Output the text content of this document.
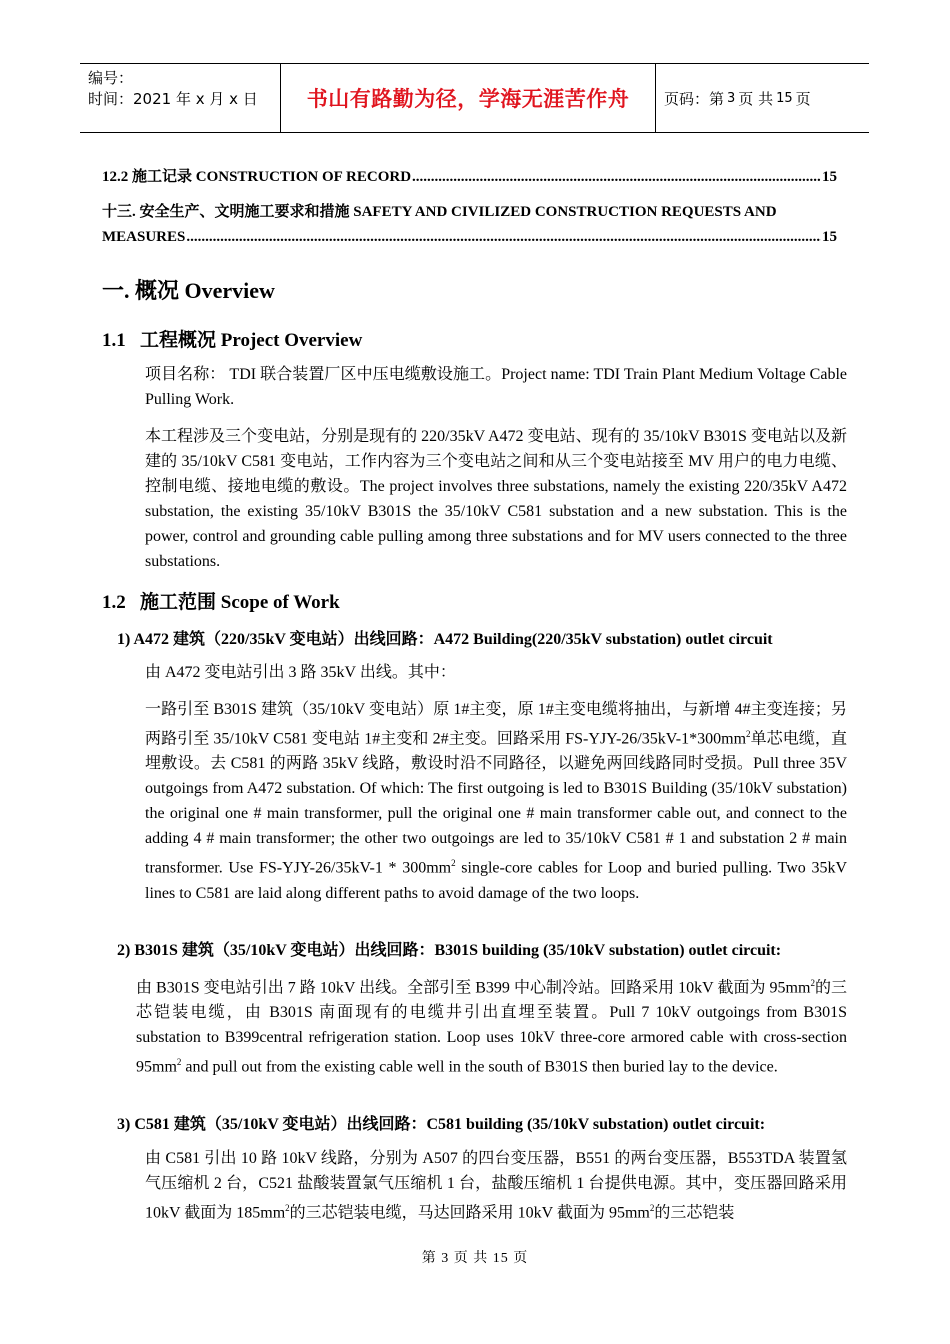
编号：
时间：2021 年 x 月 x 日	书山有路勤为径，学海无涯苦作舟 页码：第 3 页 共 15 页
12.2 施工记录 CONSTRUCTION OF RECORD .....	15
十三. 安全生产、文明施工要求和措施 SAFETY AND CIVILIZED CONSTRUCTION REQUESTS AND
MEASURES .....	15
一. 概况 Overview
1.1 工程概况 Project Overview
项目名称： TDI 联合装置厂区中压电缆敷设施工。Project name: TDI Train Plant Medium Voltage Cable Pulling Work.
本工程涉及三个变电站，分别是现有的 220/35kV A472 变电站、现有的 35/10kV B301S 变电站以及新建的 35/10kV C581 变电站，工作内容为三个变电站之间和从三个变电站接至 MV 用户的电力电缆、控制电缆、接地电缆的敷设。The project involves three substations, namely the existing 220/35kV A472 substation, the existing 35/10kV B301S the 35/10kV C581 substation and a new substation. This is the power, control and grounding cable pulling among three substations and for MV users connected to the three substations.
1.2 施工范围 Scope of Work
1) A472 建筑（220/35kV 变电站）出线回路：A472 Building(220/35kV substation) outlet circuit
由 A472 变电站引出 3 路 35kV 出线。其中：
一路引至 B301S 建筑（35/10kV 变电站）原 1#主变，原 1#主变电缆将抽出，与新增 4#主变连接；另两路引至 35/10kV C581 变电站 1#主变和 2#主变。回路采用 $FS-YJY-26/35kV-1*300mm^2$单芯电缆，直埋敷设。去 C581 的两路 35kV 线路，敷设时沿不同路径，以避免两回线路同时受损。Pull three 35V outgoings from A472 substation. Of which: The first outgoing is led to B301S Building (35/10kV substation) the original one # main transformer, pull the original one # main transformer cable out, and connect to the adding 4 # main transformer; the other two outgoings are led to 35/10kV C581 # 1 and substation 2 # main transformer. Use $FS-YJY-26/35kV-1 * 300mm^2$ single-core cables for Loop and buried pulling. Two 35kV lines to C581 are laid along different paths to avoid damage of the two loops.
2) B301S 建筑（35/10kV 变电站）出线回路：B301S building (35/10kV substation) outlet circuit:
由 B301S 变电站引出 7 路 10kV 出线。全部引至 B399 中心制冷站。回路采用 10kV 截面为 $95mm^2$的三芯铠装电缆，由 B301S 南面现有的电缆井引出直埋至装置。Pull 7 10kV outgoings from B301S substation to B399central refrigeration station. Loop uses 10kV three-core armored cable with cross-section $95mm^2$ and pull out from the existing cable well in the south of B301S then buried lay to the device.
3) C581 建筑（35/10kV 变电站）出线回路：C581 building (35/10kV substation) outlet circuit:
由 C581 引出 10 路 10kV 线路，分别为 A507 的四台变压器，B551 的两台变压器，B553TDA 装置氢气压缩机 2 台，C521 盐酸装置氯气压缩机 1 台，盐酸压缩机 1 台提供电源。其中，变压器回路采用 10kV 截面为 $185mm^2$的三芯铠装电缆，马达回路采用 10kV 截面为 $95mm^2$的三芯铠装
第 3 页 共 15 页
